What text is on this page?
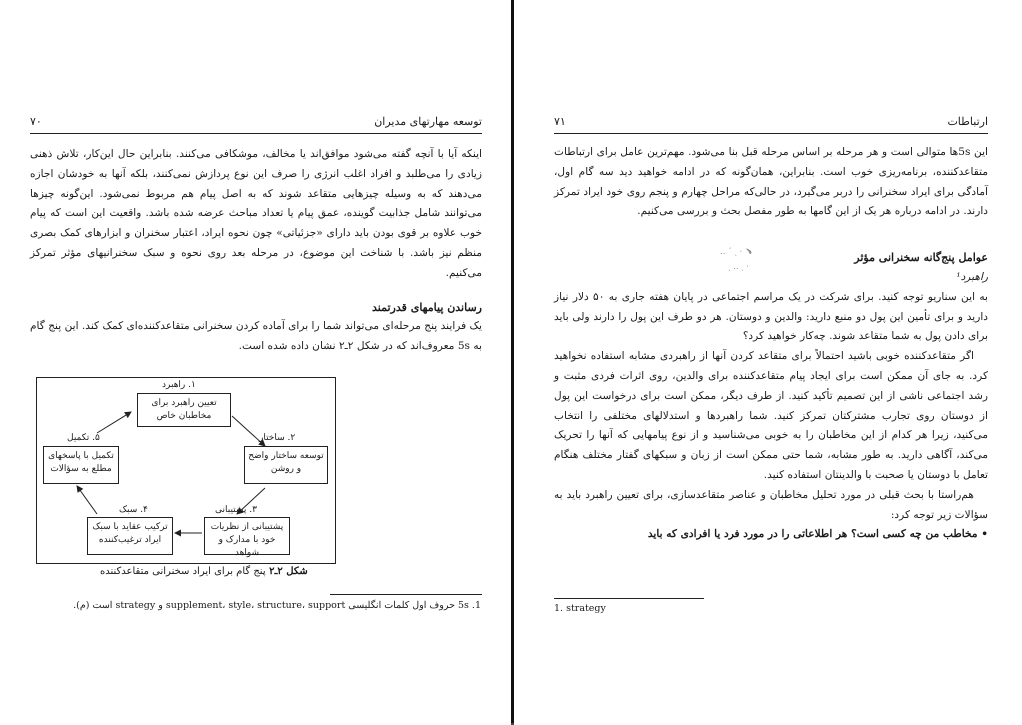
۷۰	توسعه مهارتهای مدیران

اینکه آیا با آنچه گفته می‌شود موافق‌اند یا مخالف، موشکافی می‌کنند. بنابراین حال این‌کار، تلاش ذهنی زیادی را می‌طلبد و افراد اغلب انرژی را صرف این نوع پردازش نمی‌کنند، بلکه آنها به خودشان اجازه می‌دهند که به وسیله چیزهایی متقاعد شوند که به اصل پیام هم مربوط نمی‌شود. این‌گونه چیزها می‌توانند شامل جذابیت گوینده، عمق پیام یا تعداد مباحث عرضه شده باشد. واقعیت این است که پیام خوب علاوه بر قوی بودن باید دارای «جزئیاتی» چون نحوه ایراد، اعتبار سخنران و ابزارهای کمک بصری منظم نیز باشد. با شناخت این موضوع، در مرحله بعد روی نحوه و سبک سخنرانیهای مؤثر تمرکز می‌کنیم.

رساندن پیامهای قدرتمند

یک فرایند پنج مرحله‌ای می‌تواند شما را برای آماده کردن سخنرانی متقاعدکننده‌ای کمک کند. این پنج گام به 5s معروف‌اند که در شکل ۲ـ۲ نشان داده شده است.

۱. راهبرد
تعیین راهبرد برای مخاطبان خاص
۲. ساختار
توسعه ساختار واضح و روشن
۳. پشتیبانی
پشتیبانی از نظریات خود با مدارک و شواهد
۴. سبک
ترکیب عقاید با سبک ایراد ترغیب‌کننده
۵. تکمیل
تکمیل با پاسخهای مطلع به سؤالات
شکل ۲ـ۲ پنج گام برای ایراد سخنرانی متقاعدکننده
1. 5s حروف اول کلمات انگلیسی supplement، style، structure، support و strategy است (م).
۷۱	ارتباطات

این 5sها متوالی است و هر مرحله بر اساس مرحله قبل بنا می‌شود. مهم‌ترین عامل برای ارتباطات متقاعدکننده، برنامه‌ریزی خوب است. بنابراین، همان‌گونه که در ادامه خواهید دید سه گام اول، آمادگی برای ایراد سخنرانی را دربر می‌گیرد، در حالی‌که مراحل چهارم و پنجم روی خود ایراد تمرکز دارند. در ادامه درباره هر یک از این گامها به طور مفصل بحث و بررسی می‌کنیم.

عوامل پنج‌گانه سخنرانی مؤثر

راهبرد¹

به این سناریو توجه کنید. برای شرکت در یک مراسم اجتماعی در پایان هفته جاری به ۵۰ دلار نیاز دارید و برای تأمین این پول دو منبع دارید: والدین و دوستان. هر دو طرف این پول را دارند ولی باید برای دادن پول به شما متقاعد شوند. چه‌کار خواهید کرد؟

اگر متقاعدکننده خوبی باشید احتمالاً برای متقاعد کردن آنها از راهبردی مشابه استفاده نخواهید کرد. به جای آن ممکن است برای ایجاد پیام متقاعدکننده برای والدین، روی اثرات فردی مثبت و رشد اجتماعی ناشی از این تصمیم تأکید کنید. از طرف دیگر، ممکن است برای درخواست این پول از دوستان روی تجارب مشترکتان تمرکز کنید. شما راهبردها و استدلالهای مختلفی را انتخاب می‌کنید، زیرا هر کدام از این مخاطبان را به خوبی می‌شناسید و از نوع پیامهایی که آنها را تحریک می‌کند، آگاهی دارید. به طور مشابه، شما حتی ممکن است از زبان و سبکهای گفتار مختلف هنگام تعامل با دوستان یا صحبت با والدینتان استفاده کنید.

هم‌راستا با بحث قبلی در مورد تحلیل مخاطبان و عناصر متقاعدسازی، برای تعیین راهبرد باید به سؤالات زیر توجه کرد:

• مخاطب من چه کسی است؟ هر اطلاعاتی را در مورد فرد یا افرادی که باید

‥ ˊ ˏ ‧ ﹅
ˎ ‥ ˏ ‧
1. strategy
